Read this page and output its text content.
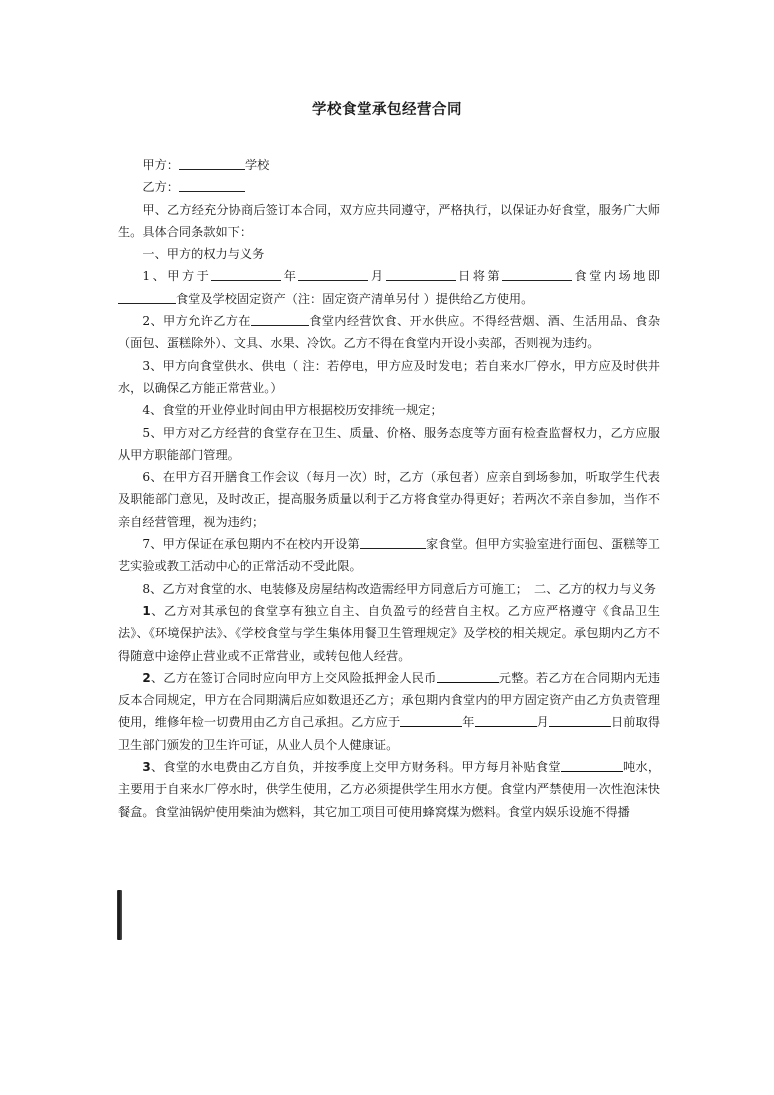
学校食堂承包经营合同

甲方：	学校

乙方：

甲、乙方经充分协商后签订本合同，双方应共同遵守，严格执行，以保证办好食堂，服务广大师生。具体合同条款如下：

一、甲方的权力与义务

1、甲方于	年	月	日将第	食堂内场地即食堂及学校固定资产（注：固定资产清单另付 ）提供给乙方使用。

2、甲方允许乙方在	食堂内经营饮食、开水供应。不得经营烟、酒、生活用品、食杂（面包、蛋糕除外）、文具、水果、冷饮。乙方不得在食堂内开设小卖部，否则视为违约。

3、甲方向食堂供水、供电（ 注：若停电，甲方应及时发电；若自来水厂停水，甲方应及时供井水，以确保乙方能正常营业。）

4、食堂的开业停业时间由甲方根据校历安排统一规定；

5、甲方对乙方经营的食堂存在卫生、质量、价格、服务态度等方面有检查监督权力，乙方应服从甲方职能部门管理。

6、在甲方召开膳食工作会议（每月一次）时，乙方（承包者）应亲自到场参加，听取学生代表及职能部门意见，及时改正，提高服务质量以利于乙方将食堂办得更好；若两次不亲自参加，当作不亲自经营管理，视为违约；

7、甲方保证在承包期内不在校内开设第	家食堂。但甲方实验室进行面包、蛋糕等工艺实验或教工活动中心的正常活动不受此限。

8、乙方对食堂的水、电装修及房屋结构改造需经甲方同意后方可施工；　二、乙方的权力与义务

1、乙方对其承包的食堂享有独立自主、自负盈亏的经营自主权。乙方应严格遵守《食品卫生法》、《环境保护法》、《学校食堂与学生集体用餐卫生管理规定》及学校的相关规定。承包期内乙方不得随意中途停止营业或不正常营业，或转包他人经营。

2、乙方在签订合同时应向甲方上交风险抵押金人民币	元整。若乙方在合同期内无违反本合同规定，甲方在合同期满后应如数退还乙方；承包期内食堂内的甲方固定资产由乙方负责管理使用，维修年检一切费用由乙方自己承担。乙方应于	年	月	日前取得卫生部门颁发的卫生许可证，从业人员个人健康证。

3、食堂的水电费由乙方自负，并按季度上交甲方财务科。甲方每月补贴食堂	吨水，主要用于自来水厂停水时，供学生使用，乙方必须提供学生用水方便。食堂内严禁使用一次性泡沫快餐盒。食堂油锅炉使用柴油为燃料，其它加工项目可使用蜂窝煤为燃料。食堂内娱乐设施不得播
